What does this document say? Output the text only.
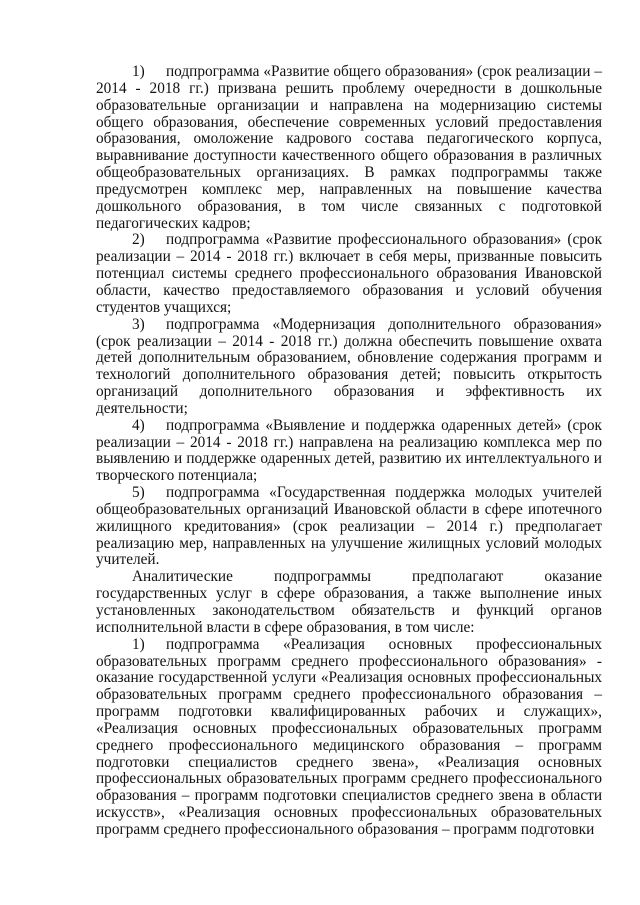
1) подпрограмма «Развитие общего образования» (срок реализации – 2014 - 2018 гг.) призвана решить проблему очередности в дошкольные образовательные организации и направлена на модернизацию системы общего образования, обеспечение современных условий предоставления образования, омоложение кадрового состава педагогического корпуса, выравнивание доступности качественного общего образования в различных общеобразовательных организациях. В рамках подпрограммы также предусмотрен комплекс мер, направленных на повышение качества дошкольного образования, в том числе связанных с подготовкой педагогических кадров;

2) подпрограмма «Развитие профессионального образования» (срок реализации – 2014 - 2018 гг.) включает в себя меры, призванные повысить потенциал системы среднего профессионального образования Ивановской области, качество предоставляемого образования и условий обучения студентов учащихся;

3) подпрограмма «Модернизация дополнительного образования» (срок реализации – 2014 - 2018 гг.) должна обеспечить повышение охвата детей дополнительным образованием, обновление содержания программ и технологий дополнительного образования детей; повысить открытость организаций дополнительного образования и эффективность их деятельности;

4) подпрограмма «Выявление и поддержка одаренных детей» (срок реализации – 2014 - 2018 гг.) направлена на реализацию комплекса мер по выявлению и поддержке одаренных детей, развитию их интеллектуального и творческого потенциала;

5) подпрограмма «Государственная поддержка молодых учителей общеобразовательных организаций Ивановской области в сфере ипотечного жилищного кредитования» (срок реализации – 2014 г.) предполагает реализацию мер, направленных на улучшение жилищных условий молодых учителей.

Аналитические подпрограммы предполагают оказание государственных услуг в сфере образования, а также выполнение иных установленных законодательством обязательств и функций органов исполнительной власти в сфере образования, в том числе:

1) подпрограмма «Реализация основных профессиональных образовательных программ среднего профессионального образования» - оказание государственной услуги «Реализация основных профессиональных образовательных программ среднего профессионального образования – программ подготовки квалифицированных рабочих и служащих», «Реализация основных профессиональных образовательных программ среднего профессионального медицинского образования – программ подготовки специалистов среднего звена», «Реализация основных профессиональных образовательных программ среднего профессионального образования – программ подготовки специалистов среднего звена в области искусств», «Реализация основных профессиональных образовательных программ среднего профессионального образования – программ подготовки
